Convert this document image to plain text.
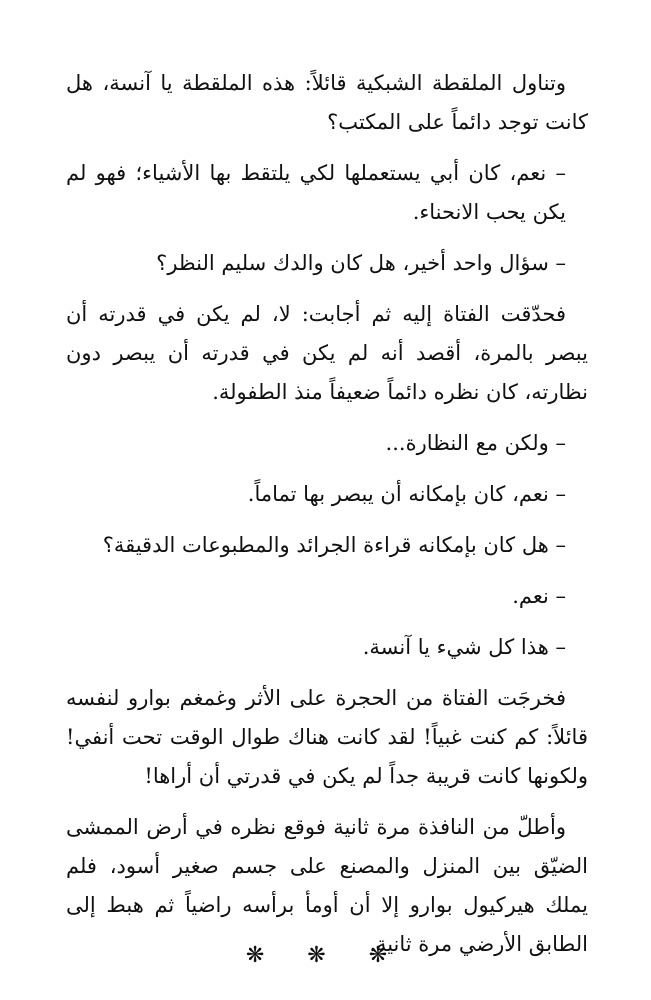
وتناول الملقطة الشبكية قائلاً: هذه الملقطة يا آنسة، هل كانت توجد دائماً على المكتب؟

– نعم، كان أبي يستعملها لكي يلتقط بها الأشياء؛ فهو لم يكن يحب الانحناء.

– سؤال واحد أخير، هل كان والدك سليم النظر؟

فحدّقت الفتاة إليه ثم أجابت: لا، لم يكن في قدرته أن يبصر بالمرة، أقصد أنه لم يكن في قدرته أن يبصر دون نظارته، كان نظره دائماً ضعيفاً منذ الطفولة.

– ولكن مع النظارة...

– نعم، كان بإمكانه أن يبصر بها تماماً.

– هل كان بإمكانه قراءة الجرائد والمطبوعات الدقيقة؟

– نعم.

– هذا كل شيء يا آنسة.

فخرجَت الفتاة من الحجرة على الأثر وغمغم بوارو لنفسه قائلاً: كم كنت غبياً! لقد كانت هناك طوال الوقت تحت أنفي! ولكونها كانت قريبة جداً لم يكن في قدرتي أن أراها!

وأطلّ من النافذة مرة ثانية فوقع نظره في أرض الممشى الضيّق بين المنزل والمصنع على جسم صغير أسود، فلم يملك هيركيول بوارو إلا أن أومأ برأسه راضياً ثم هبط إلى الطابق الأرضي مرة ثانية.

❋ ❋ ❋
